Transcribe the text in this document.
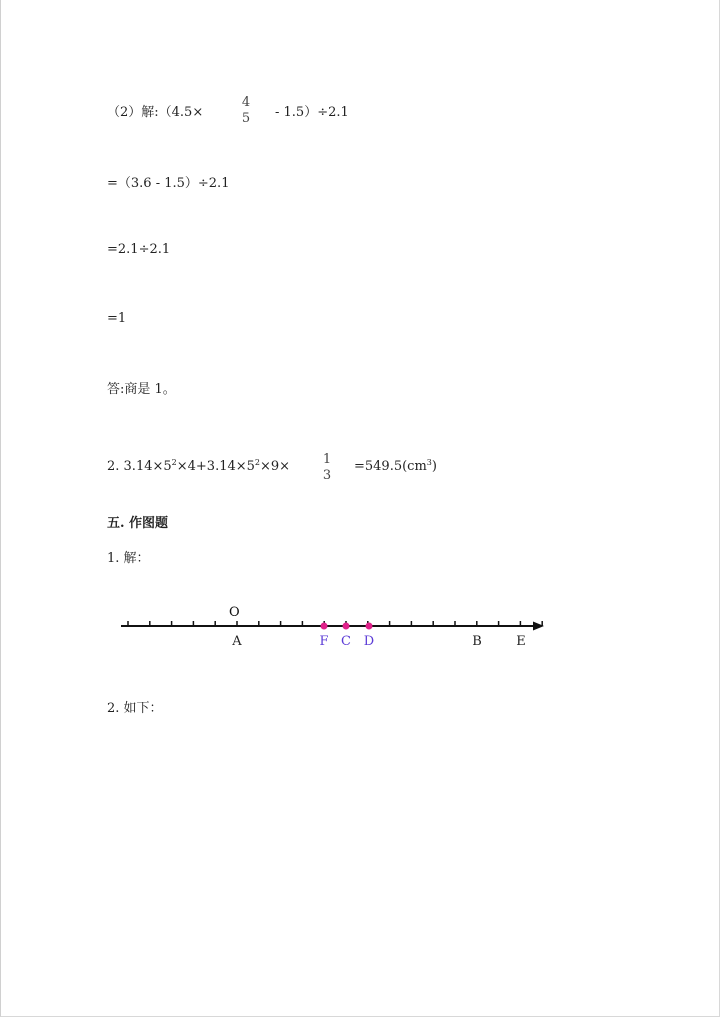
（2）解:（4.5×
4
5 - 1.5）÷2.1
=（3.6 - 1.5）÷2.1
=2.1÷2.1
=1
答:商是 1。
2. $3.14\times 5^2\times 4+3.14\times 5^2\times 9\times$	1
3
$=549.5(cm^3)$
五. 作图题
1. 解：
O
A	F C D	B	E
2. 如下：
